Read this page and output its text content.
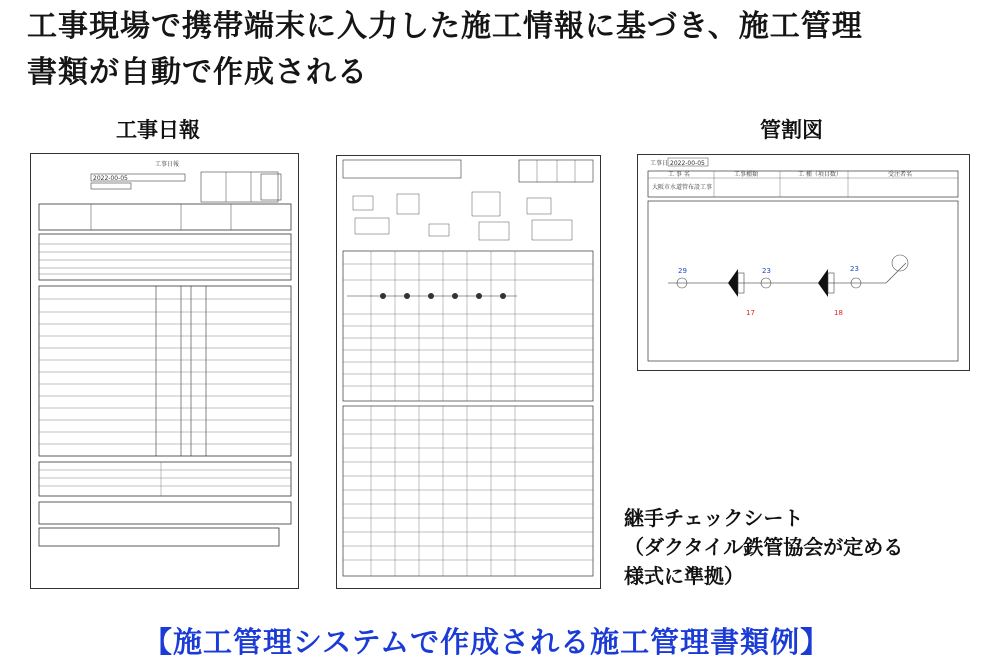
工事現場で携帯端末に入力した施工情報に基づき、施工管理
書類が自動で作成される
工事日報	管割図
工事日報
2022-00-05
工事日 2022-00-05
工 事 名	工事種類	工 種（項目数）	受注者名
大阪市水道管布設工事
29	23	23
17	18
継手チェックシート
（ダクタイル鉄管協会が定める
様式に準拠）
【施工管理システムで作成される施工管理書類例】
